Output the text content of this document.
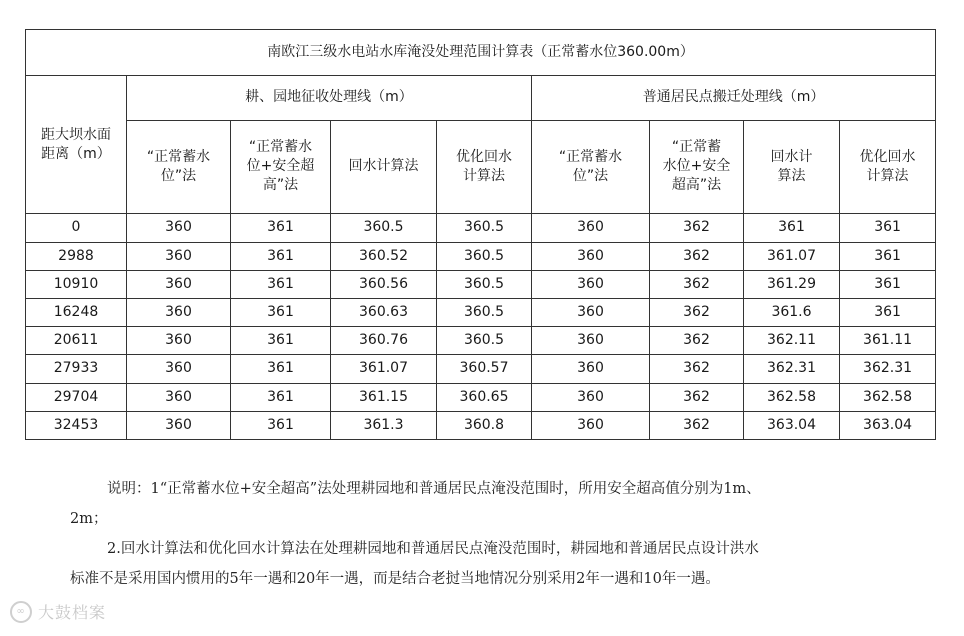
南欧江三级水电站水库淹没处理范围计算表（正常蓄水位360.00m）								
距大坝水面
距离（m）	耕、园地征收处理线（m）				普通居民点搬迁处理线（m）			
	“正常蓄水
位”法	“正常蓄水
位+安全超
高”法	回水计算法	优化回水
计算法	“正常蓄水
位”法	“正常蓄
水位+安全
超高”法	回水计
算法	优化回水
计算法
0	360	361	360.5	360.5	360	362	361	361
2988	360	361	360.52	360.5	360	362	361.07	361
10910	360	361	360.56	360.5	360	362	361.29	361
16248	360	361	360.63	360.5	360	362	361.6	361
20611	360	361	360.76	360.5	360	362	362.11	361.11
27933	360	361	361.07	360.57	360	362	362.31	362.31
29704	360	361	361.15	360.65	360	362	362.58	362.58
32453	360	361	361.3	360.8	360	362	363.04	363.04

说明：1“正常蓄水位+安全超高”法处理耕园地和普通居民点淹没范围时，所用安全超高值分别为1m、2m；

2.回水计算法和优化回水计算法在处理耕园地和普通居民点淹没范围时，耕园地和普通居民点设计洪水标准不是采用国内惯用的5年一遇和20年一遇，而是结合老挝当地情况分别采用2年一遇和10年一遇。

∞ 大鼓档案
